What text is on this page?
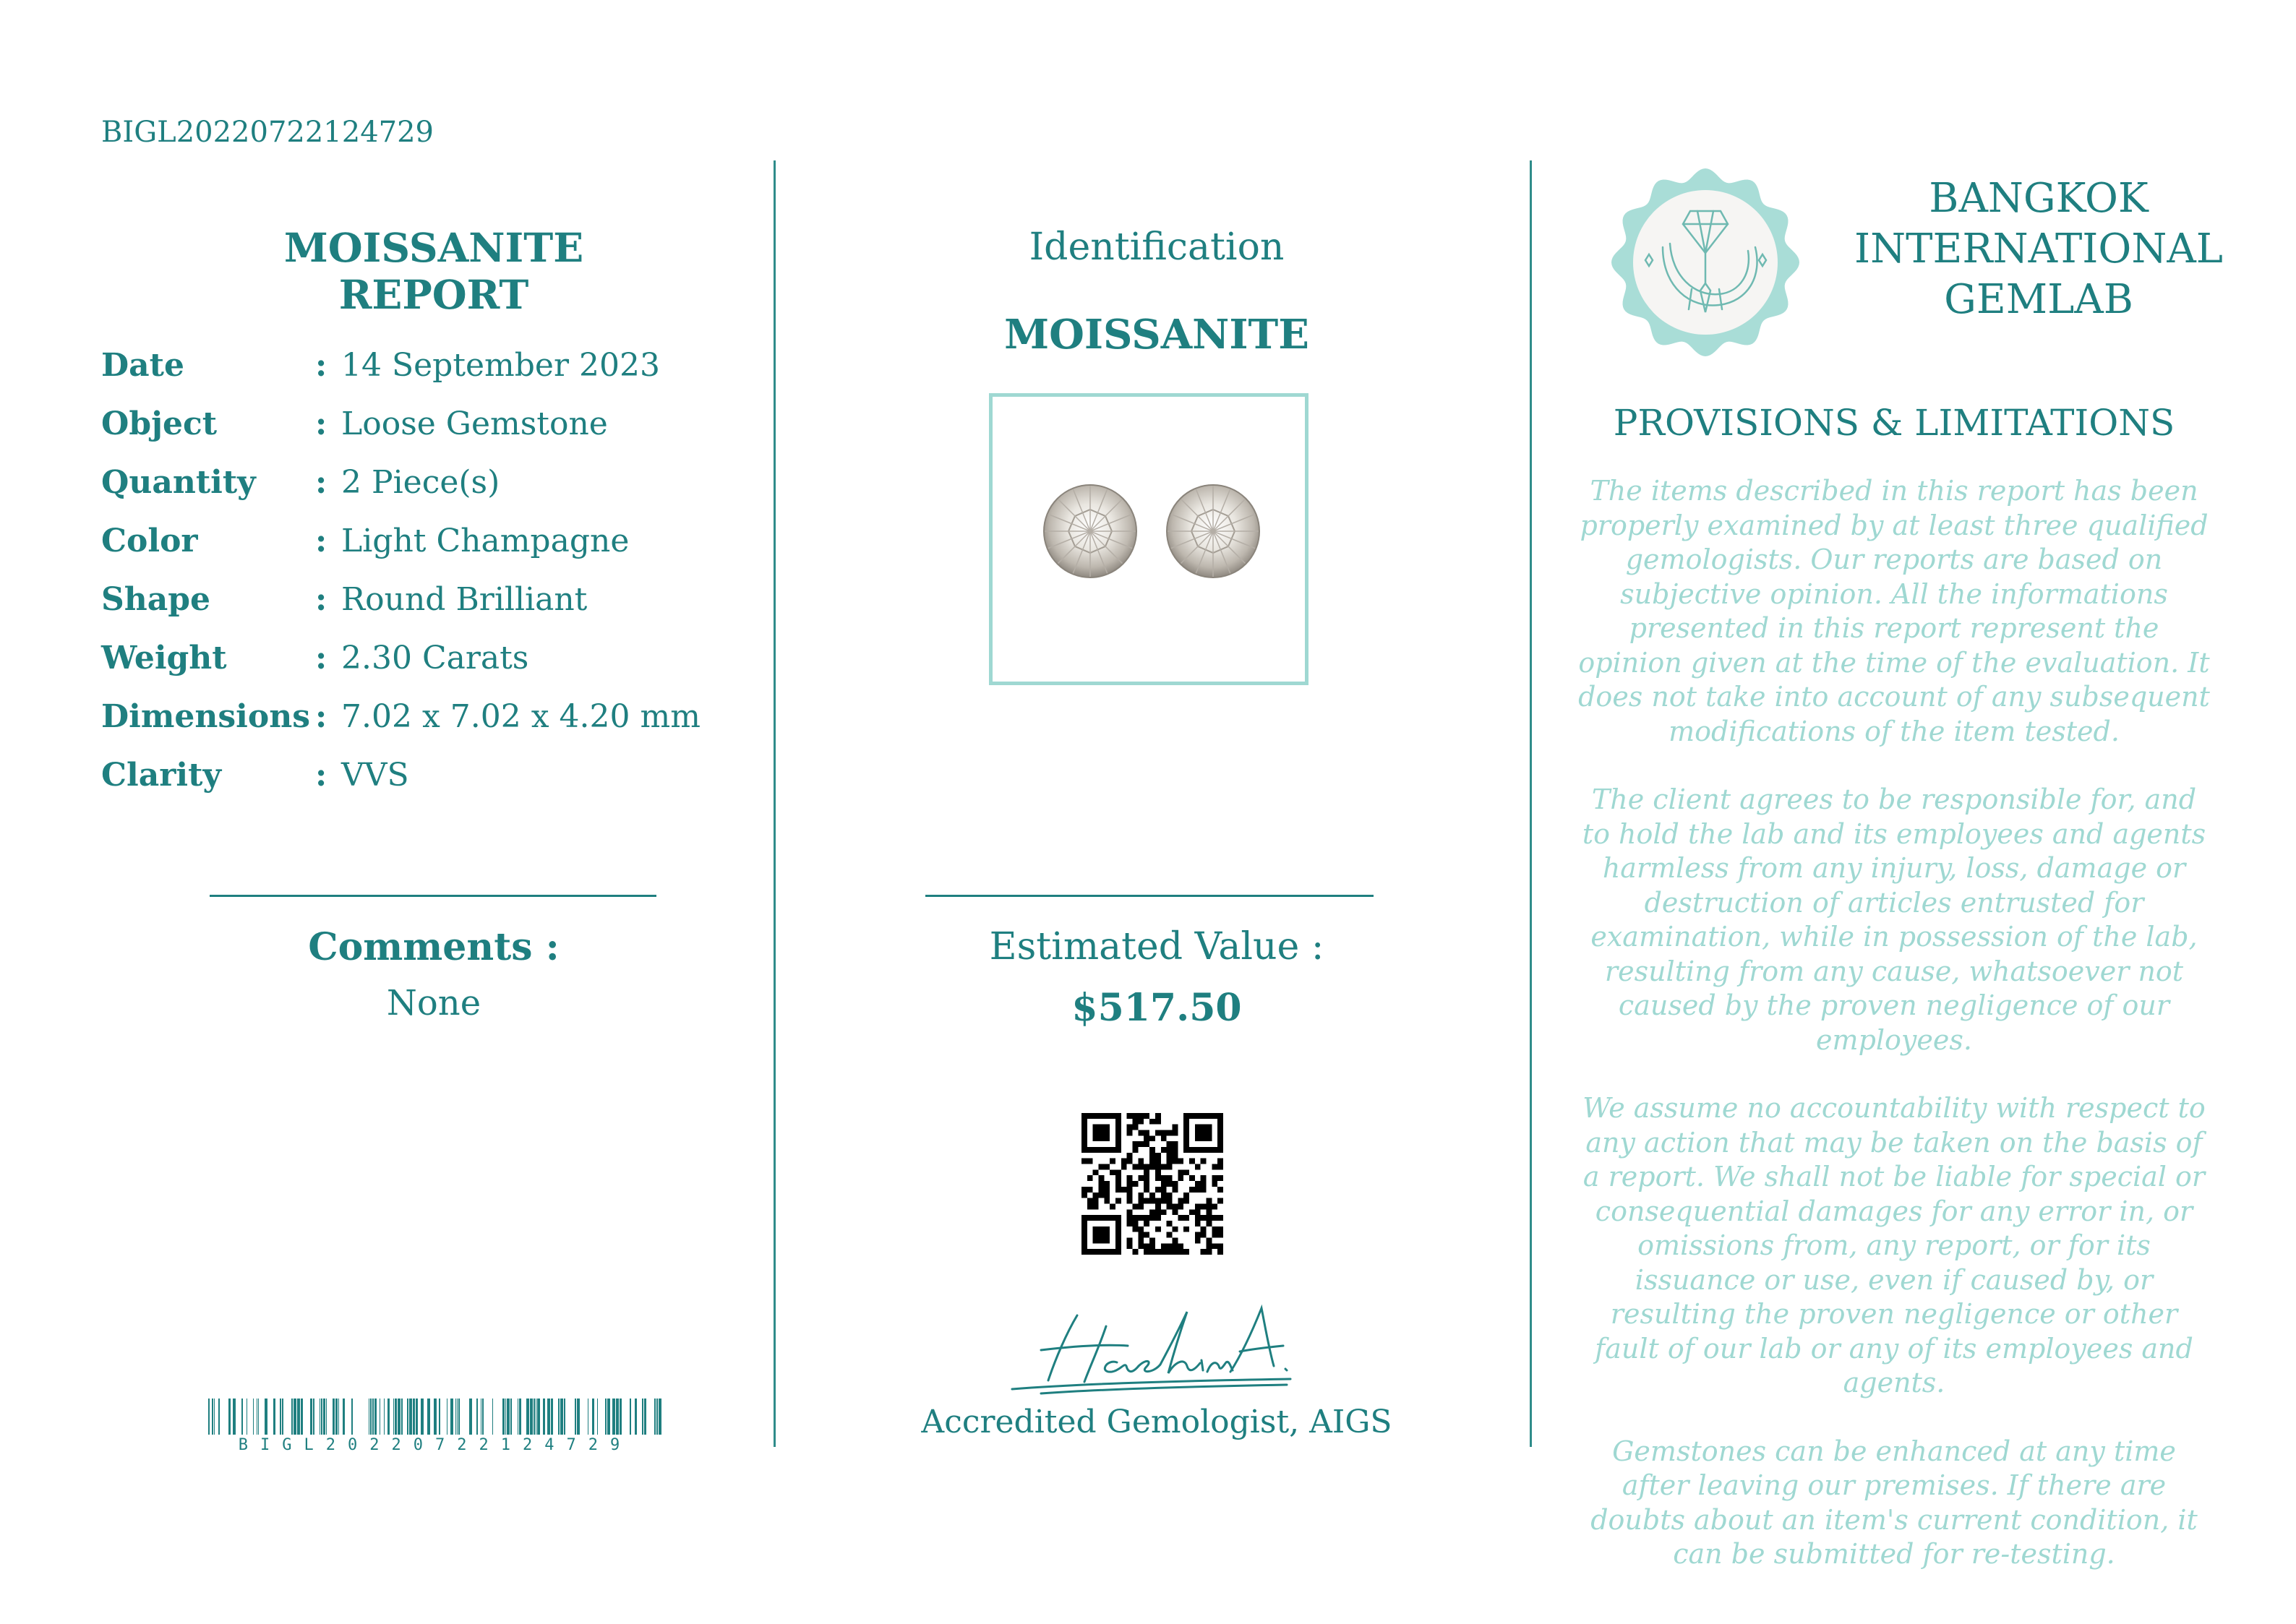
BIGL20220722124729
MOISSANITE REPORT
Date	: 14 September 2023
Object	: Loose Gemstone
Quantity : 2 Piece(s)
Color	: Light Champagne
Shape	: Round Brilliant
Weight	: 2.30 Carats
Dimensions : 7.02 x 7.02 x 4.20 mm
Clarity	: VVS
Comments :
None
BIGL20220722124729
Identification
MOISSANITE
Estimated Value :
$517.50
Accredited Gemologist, AIGS
BANGKOK
INTERNATIONAL
GEMLAB
PROVISIONS & LIMITATIONS

The items described in this report has been properly examined by at least three qualified gemologists. Our reports are based on subjective opinion. All the informations presented in this report represent the opinion given at the time of the evaluation. It does not take into account of any subsequent modifications of the item tested.

The client agrees to be responsible for, and to hold the lab and its employees and agents harmless from any injury, loss, damage or destruction of articles entrusted for examination, while in possession of the lab, resulting from any cause, whatsoever not caused by the proven negligence of our employees.

We assume no accountability with respect to any action that may be taken on the basis of a report. We shall not be liable for special or consequential damages for any error in, or omissions from, any report, or for its issuance or use, even if caused by, or resulting the proven negligence or other fault of our lab or any of its employees and agents.

Gemstones can be enhanced at any time after leaving our premises. If there are doubts about an item's current condition, it can be submitted for re-testing.
